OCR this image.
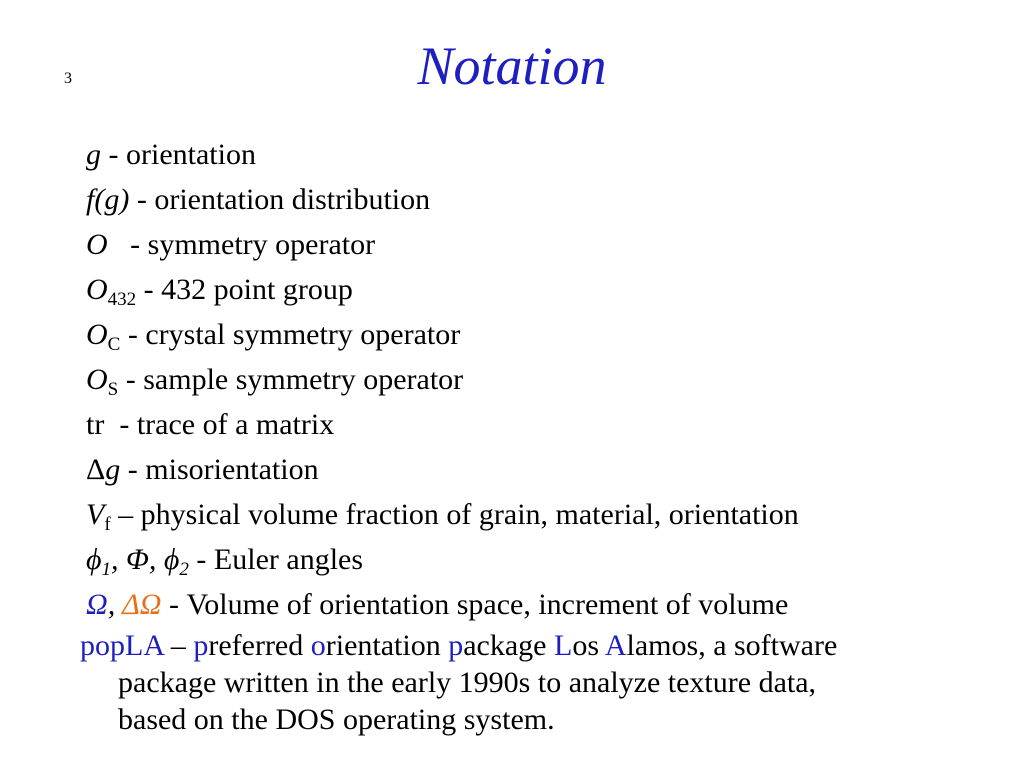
3	Notation
g - orientation
f(g) - orientation distribution
O   - symmetry operator
$O_{432} - 432$ point group
$O_C$ - crystal symmetry operator
$O_S$ - sample symmetry operator
tr  - trace of a matrix
Δg - misorientation
$V_f$ – physical volume fraction of grain, material, orientation
$\phi_1$, Φ, $\phi_2$ - Euler angles
Ω, ΔΩ - Volume of orientation space, increment of volume
popLA – preferred orientation package Los Alamos, a software
package written in the early 1990s to analyze texture data,
based on the DOS operating system.
